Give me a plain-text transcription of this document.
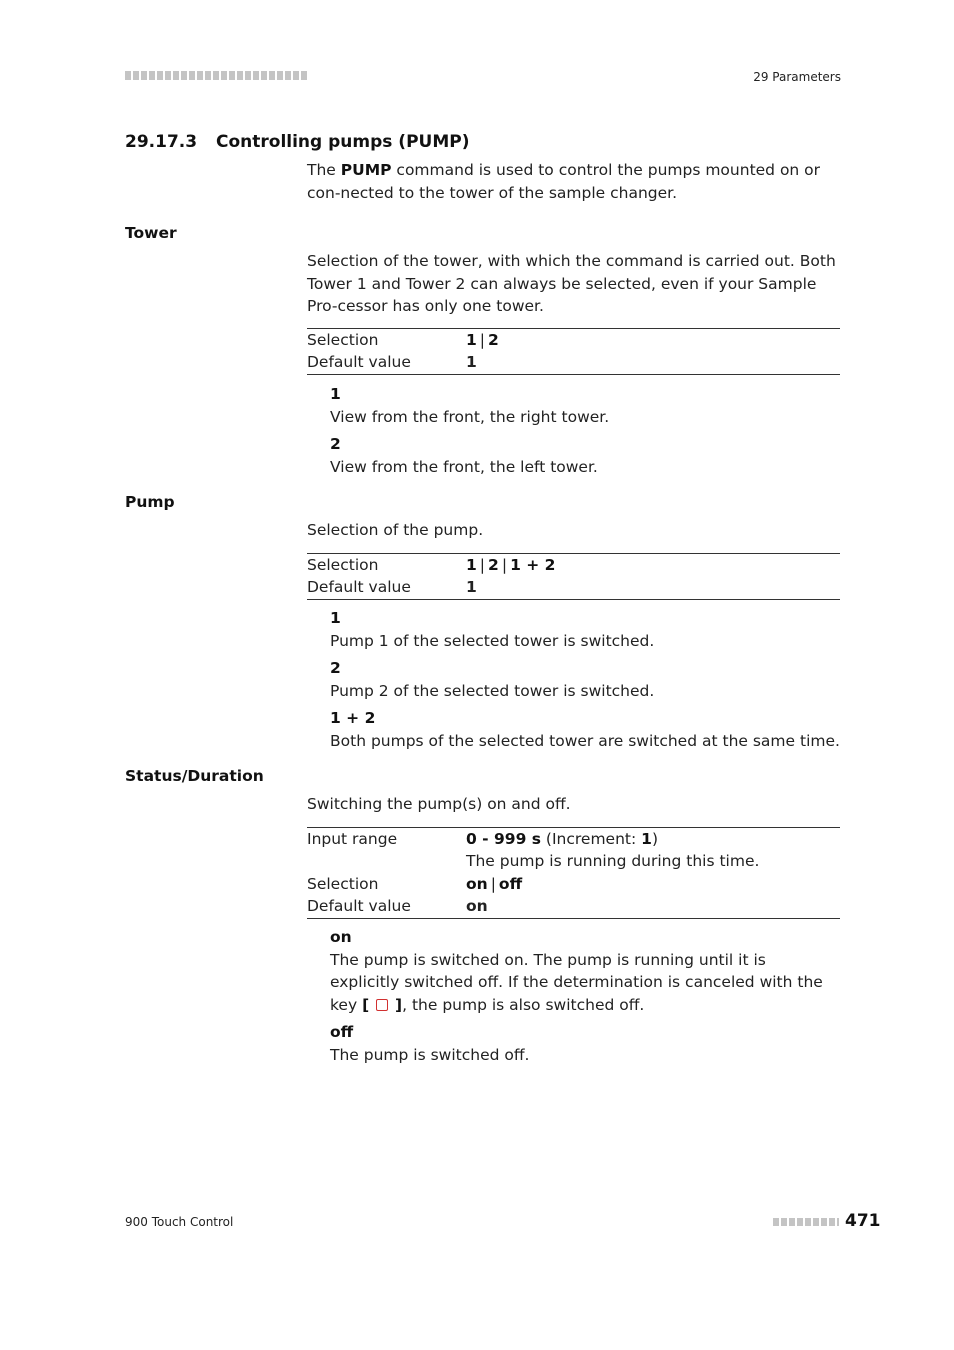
29 Parameters
29.17.3 Controlling pumps (PUMP)
The PUMP command is used to control the pumps mounted on or con-nected to the tower of the sample changer.
Tower
Selection of the tower, with which the command is carried out. Both Tower 1 and Tower 2 can always be selected, even if your Sample Pro-cessor has only one tower.
Selection	1 | 2
Default value	1
1
View from the front, the right tower.
2
View from the front, the left tower.
Pump
Selection of the pump.
Selection	1 | 2 | 1 + 2
Default value	1
1
Pump 1 of the selected tower is switched.
2
Pump 2 of the selected tower is switched.
1 + 2
Both pumps of the selected tower are switched at the same time.
Status/Duration
Switching the pump(s) on and off.
Input range	0 - 999 s (Increment: 1)
	The pump is running during this time.
Selection	on | off
Default value	on
on
The pump is switched on. The pump is running until it is explicitly switched off. If the determination is canceled with the key [ ], the pump is also switched off.
off
The pump is switched off.
900 Touch Control	471
